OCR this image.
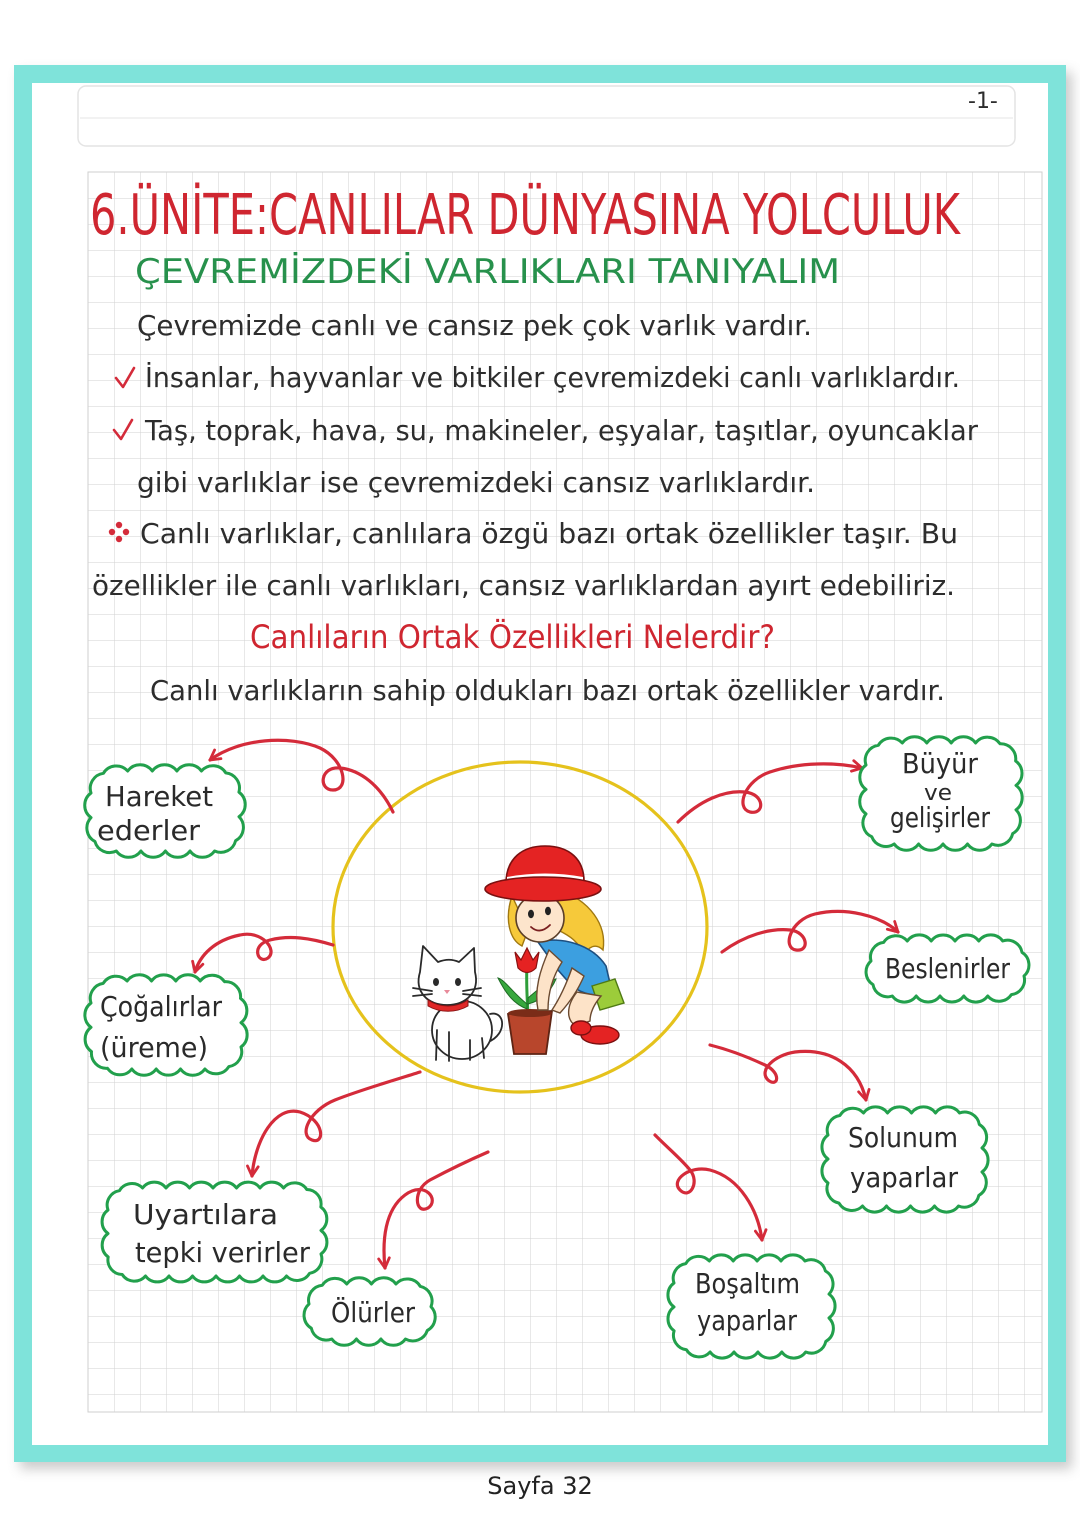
-1-
6.ÜNİTE:CANLILAR DÜNYASINA YOLCULUK
ÇEVREMİZDEKİ VARLIKLARI TANIYALIM
Çevremizde canlı ve cansız pek çok varlık vardır.
İnsanlar, hayvanlar ve bitkiler çevremizdeki canlı varlıklardır.
Taş, toprak, hava, su, makineler, eşyalar, taşıtlar, oyuncaklar
gibi varlıklar ise çevremizdeki cansız varlıklardır.
Canlı varlıklar, canlılara özgü bazı ortak özellikler taşır. Bu
özellikler ile canlı varlıkları, cansız varlıklardan ayırt edebiliriz.
Canlıların Ortak Özellikleri Nelerdir?
Canlı varlıkların sahip oldukları bazı ortak özellikler vardır.
Hareket
ederler
Büyür
ve
gelişirler
Beslenirler
Çoğalırlar
(üreme)
Solunum
yaparlar
Uyartılara
tepki verirler
Ölürler
Boşaltım
yaparlar
Sayfa 32
